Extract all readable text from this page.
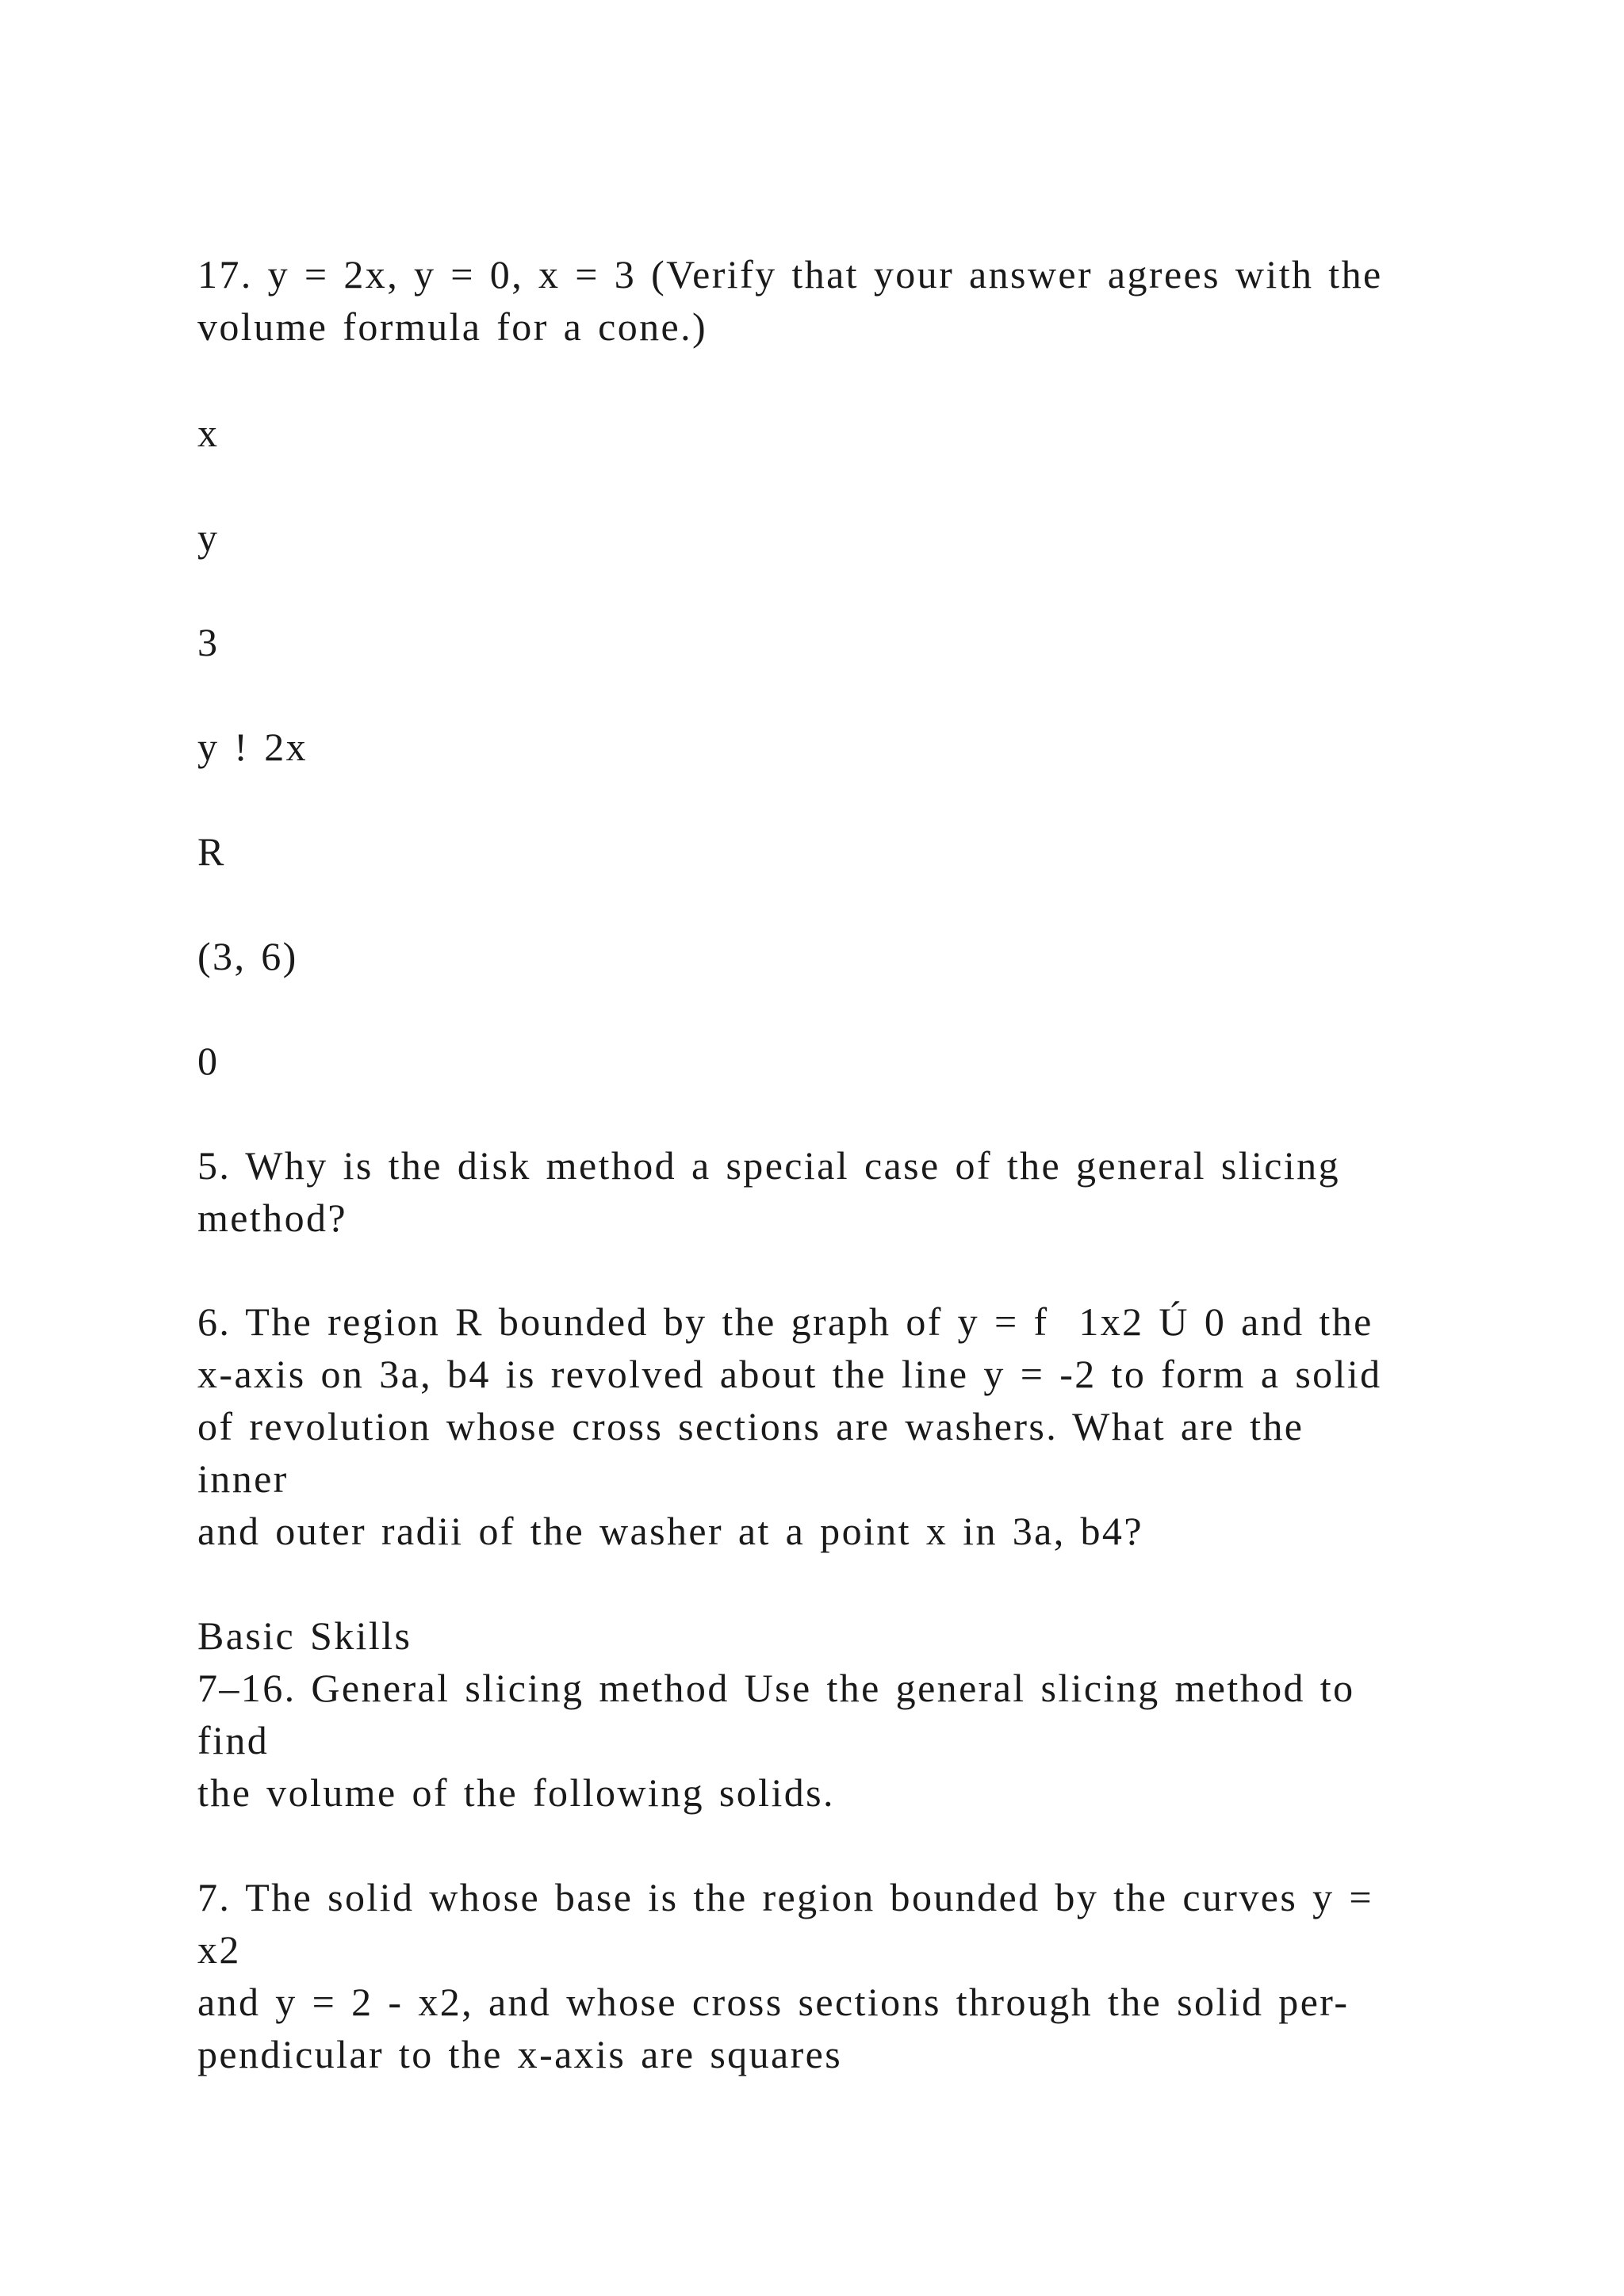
17. y = 2x, y = 0, x = 3 (Verify that your answer agrees with the

volume formula for a cone.)

x

y

3

y ! 2x

R

(3, 6)

0

5. Why is the disk method a special case of the general slicing

method?

6. The region R bounded by the graph of y = f  1x2 Ú 0 and the

x-axis on 3a, b4 is revolved about the line y = -2 to form a solid

of revolution whose cross sections are washers. What are the

inner

and outer radii of the washer at a point x in 3a, b4?

Basic Skills

7–16. General slicing method Use the general slicing method to

find

the volume of the following solids.

7. The solid whose base is the region bounded by the curves y =

x2

and y = 2 - x2, and whose cross sections through the solid per-

pendicular to the x-axis are squares
